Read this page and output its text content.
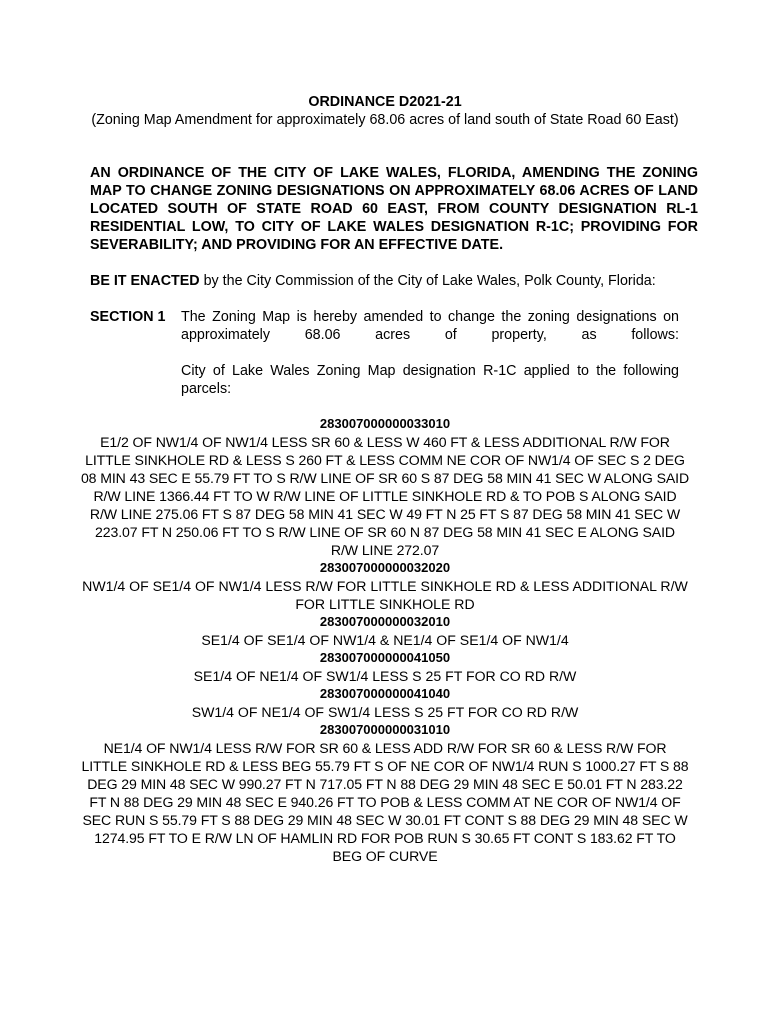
ORDINANCE D2021-21
(Zoning Map Amendment for approximately 68.06 acres of land south of State Road 60 East)
AN ORDINANCE OF THE CITY OF LAKE WALES, FLORIDA, AMENDING THE ZONING MAP TO CHANGE ZONING DESIGNATIONS ON APPROXIMATELY 68.06 ACRES OF LAND LOCATED SOUTH OF STATE ROAD 60 EAST, FROM COUNTY DESIGNATION RL-1 RESIDENTIAL LOW, TO CITY OF LAKE WALES DESIGNATION R-1C; PROVIDING FOR SEVERABILITY; AND PROVIDING FOR AN EFFECTIVE DATE.
BE IT ENACTED by the City Commission of the City of Lake Wales, Polk County, Florida:
SECTION 1 The Zoning Map is hereby amended to change the zoning designations on approximately 68.06 acres of property, as follows:
City of Lake Wales Zoning Map designation R-1C applied to the following parcels:
283007000000033010
E1/2 OF NW1/4 OF NW1/4 LESS SR 60 & LESS W 460 FT & LESS ADDITIONAL R/W FOR LITTLE SINKHOLE RD & LESS S 260 FT & LESS COMM NE COR OF NW1/4 OF SEC S 2 DEG 08 MIN 43 SEC E 55.79 FT TO S R/W LINE OF SR 60 S 87 DEG 58 MIN 41 SEC W ALONG SAID R/W LINE 1366.44 FT TO W R/W LINE OF LITTLE SINKHOLE RD & TO POB S ALONG SAID R/W LINE 275.06 FT S 87 DEG 58 MIN 41 SEC W 49 FT N 25 FT S 87 DEG 58 MIN 41 SEC W 223.07 FT N 250.06 FT TO S R/W LINE OF SR 60 N 87 DEG 58 MIN 41 SEC E ALONG SAID R/W LINE 272.07
283007000000032020
NW1/4 OF SE1/4 OF NW1/4 LESS R/W FOR LITTLE SINKHOLE RD & LESS ADDITIONAL R/W FOR LITTLE SINKHOLE RD
283007000000032010
SE1/4 OF SE1/4 OF NW1/4 & NE1/4 OF SE1/4 OF NW1/4
283007000000041050
SE1/4 OF NE1/4 OF SW1/4 LESS S 25 FT FOR CO RD R/W
283007000000041040
SW1/4 OF NE1/4 OF SW1/4 LESS S 25 FT FOR CO RD R/W
283007000000031010
NE1/4 OF NW1/4 LESS R/W FOR SR 60 & LESS ADD R/W FOR SR 60 & LESS R/W FOR LITTLE SINKHOLE RD & LESS BEG 55.79 FT S OF NE COR OF NW1/4 RUN S 1000.27 FT S 88 DEG 29 MIN 48 SEC W 990.27 FT N 717.05 FT N 88 DEG 29 MIN 48 SEC E 50.01 FT N 283.22 FT N 88 DEG 29 MIN 48 SEC E 940.26 FT TO POB & LESS COMM AT NE COR OF NW1/4 OF SEC RUN S 55.79 FT S 88 DEG 29 MIN 48 SEC W 30.01 FT CONT S 88 DEG 29 MIN 48 SEC W 1274.95 FT TO E R/W LN OF HAMLIN RD FOR POB RUN S 30.65 FT CONT S 183.62 FT TO BEG OF CURVE
